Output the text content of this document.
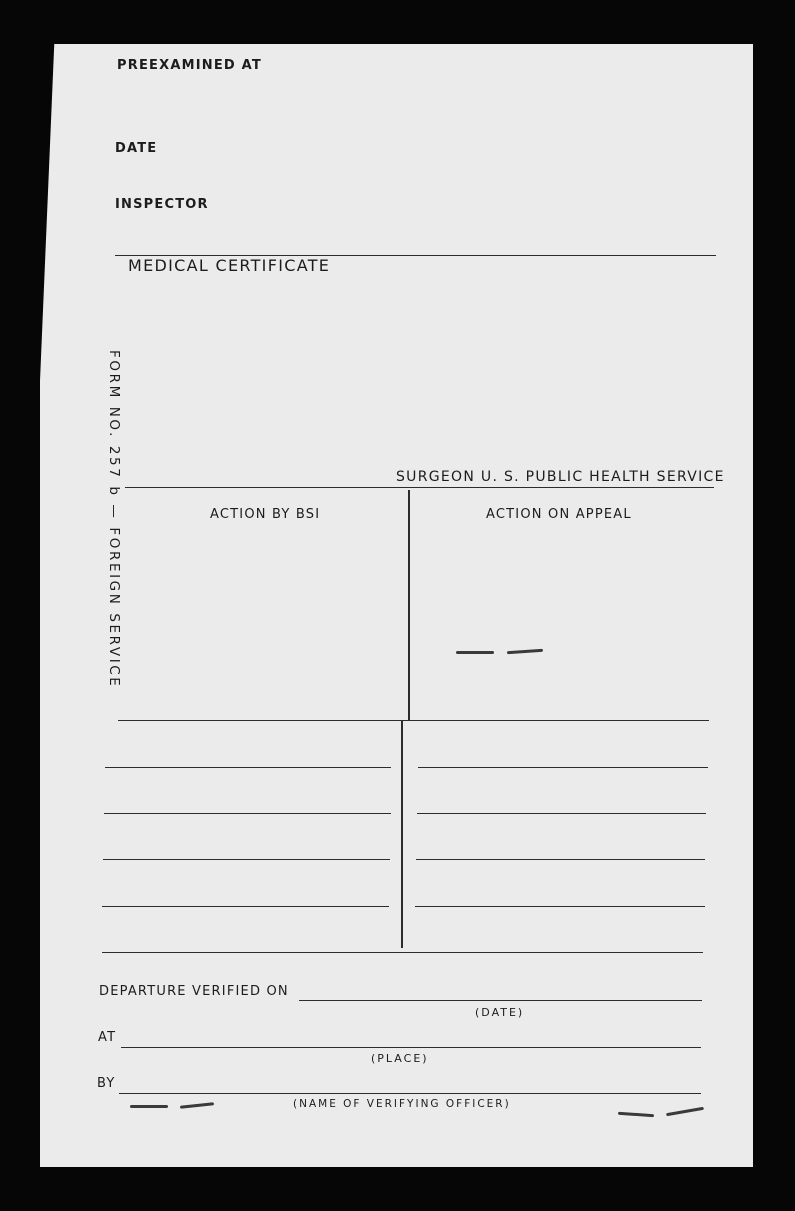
PREEXAMINED AT
DATE
INSPECTOR
MEDICAL CERTIFICATE
FORM NO. 257 b — FOREIGN SERVICE	SURGEON U. S. PUBLIC HEALTH SERVICE
ACTION BY BSI	ACTION ON APPEAL
DEPARTURE VERIFIED ON
(DATE)
AT
(PLACE)
BY
(NAME OF VERIFYING OFFICER)
